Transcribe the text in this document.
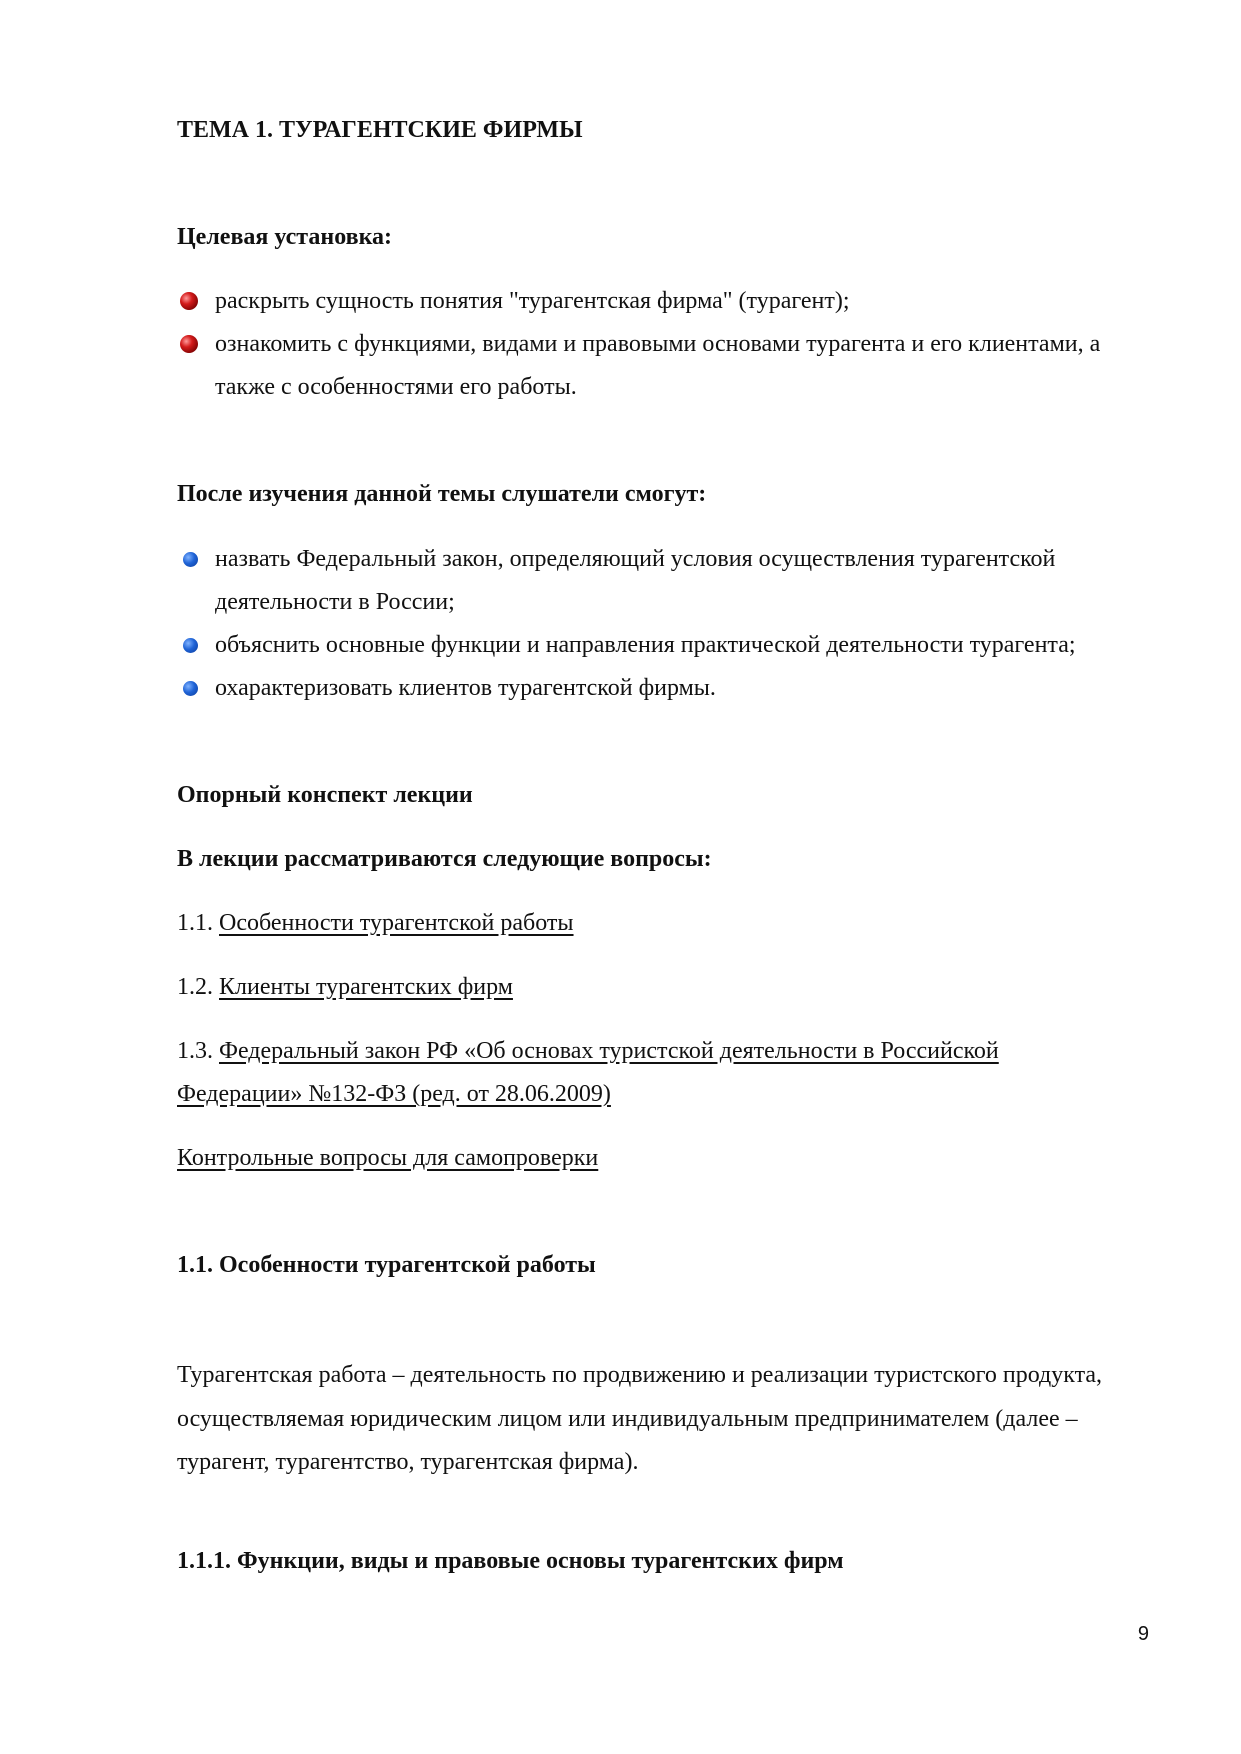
ТЕМА 1. ТУРАГЕНТСКИЕ ФИРМЫ
Целевая установка:
раскрыть сущность понятия "турагентская фирма" (турагент);
ознакомить с функциями, видами и правовыми основами турагента и его клиентами, а
также с особенностями его работы.
После изучения данной темы слушатели смогут:
назвать Федеральный закон, определяющий условия осуществления турагентской
деятельности в России;
объяснить основные функции и направления практической деятельности турагента;
охарактеризовать клиентов турагентской фирмы.
Опорный конспект лекции
В лекции рассматриваются следующие вопросы:
1.1. Особенности турагентской работы
1.2. Клиенты турагентских фирм
1.3. Федеральный закон РФ «Об основах туристской деятельности в Российской
Федерации» №132-ФЗ (ред. от 28.06.2009)
Контрольные вопросы для самопроверки
1.1. Особенности турагентской работы
Турагентская работа – деятельность по продвижению и реализации туристского продукта,
осуществляемая юридическим лицом или индивидуальным предпринимателем (далее –
турагент, турагентство, турагентская фирма).
1.1.1. Функции, виды и правовые основы турагентских фирм
9
